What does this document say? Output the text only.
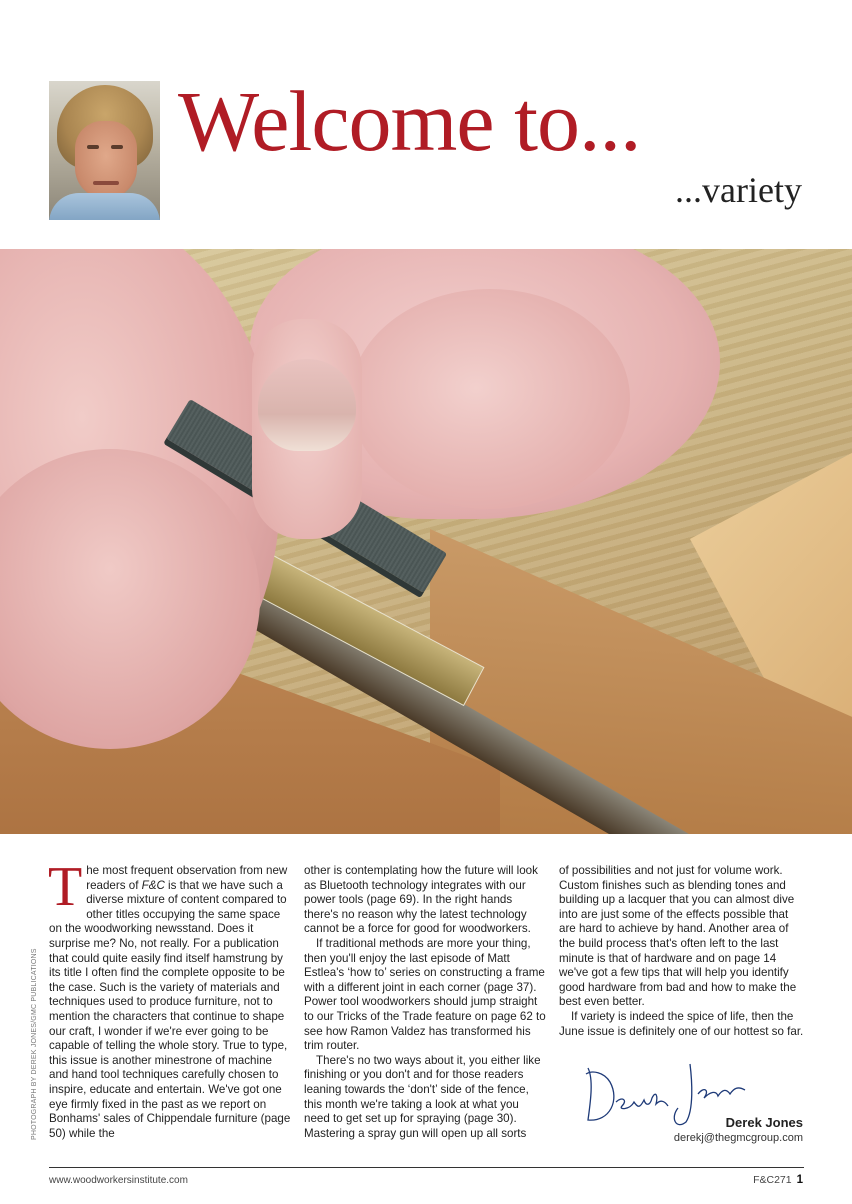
Welcome to...
...variety
PHOTOGRAPH BY DEREK JONES/GMC PUBLICATIONS

The most frequent observation from new readers of F&C is that we have such a diverse mixture of content compared to other titles occupying the same space on the woodworking newsstand. Does it surprise me? No, not really. For a publication that could quite easily find itself hamstrung by its title I often find the complete opposite to be the case. Such is the variety of materials and techniques used to produce furniture, not to mention the characters that continue to shape our craft, I wonder if we're ever going to be capable of telling the whole story. True to type, this issue is another minestrone of machine and hand tool techniques carefully chosen to inspire, educate and entertain. We've got one eye firmly fixed in the past as we report on Bonhams' sales of Chippendale furniture (page 50) while the

other is contemplating how the future will look as Bluetooth technology integrates with our power tools (page 69). In the right hands there's no reason why the latest technology cannot be a force for good for woodworkers.

If traditional methods are more your thing, then you'll enjoy the last episode of Matt Estlea's ‘how to’ series on constructing a frame with a different joint in each corner (page 37). Power tool woodworkers should jump straight to our Tricks of the Trade feature on page 62 to see how Ramon Valdez has transformed his trim router.

There's no two ways about it, you either like finishing or you don't and for those readers leaning towards the ‘don't’ side of the fence, this month we're taking a look at what you need to get set up for spraying (page 30). Mastering a spray gun will open up all sorts

of possibilities and not just for volume work. Custom finishes such as blending tones and building up a lacquer that you can almost dive into are just some of the effects possible that are hard to achieve by hand. Another area of the build process that's often left to the last minute is that of hardware and on page 14 we've got a few tips that will help you identify good hardware from bad and how to make the best even better.

If variety is indeed the spice of life, then the June issue is definitely one of our hottest so far.

Derek Jones
derekj@thegmcgroup.com
www.woodworkersinstitute.com	F&C271 1
